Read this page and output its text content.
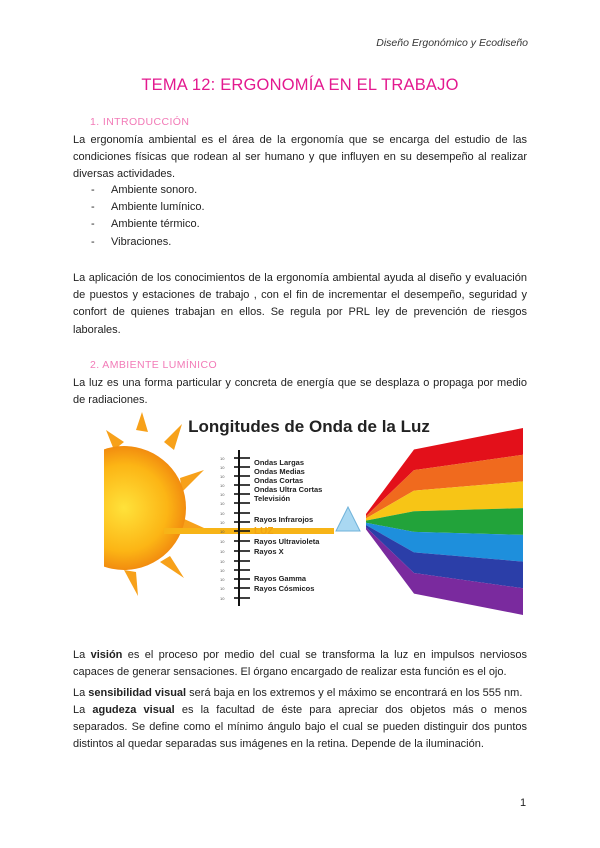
Diseño Ergonómico y Ecodiseño
TEMA 12: ERGONOMÍA EN EL TRABAJO
1. INTRODUCCIÓN
La ergonomía ambiental es el área de la ergonomía que se encarga del estudio de las condiciones físicas que rodean al ser humano y que influyen en su desempeño al realizar diversas actividades.
-	Ambiente sonoro.
-	Ambiente lumínico.
-	Ambiente térmico.
-	Vibraciones.
La aplicación de los conocimientos de la ergonomía ambiental ayuda al diseño y evaluación de puestos y estaciones de trabajo , con el fin de incrementar el desempeño, seguridad y confort de quienes trabajan en ellos. Se regula por PRL ley de prevención de riesgos laborales.
2. AMBIENTE LUMÍNICO
La luz es una forma particular y concreta de energía que se desplaza o propaga por medio de radiaciones.
Longitudes de Onda de la Luz
10
10
10
10
10
10
10
10
10
10
10
10
10
10
10
10
Ondas Largas
Ondas Medias
Ondas Cortas
Ondas Ultra Cortas
Televisión
Rayos Infrarojos
Rayos Ultravioleta
Rayos X
Rayos Gamma
Rayos Cósmicos
LUZ
La visión es el proceso por medio del cual se transforma la luz en impulsos nerviosos capaces de generar sensaciones. El órgano encargado de realizar esta función es el ojo.
La sensibilidad visual será baja en los extremos y el máximo se encontrará en los 555 nm.
La agudeza visual es la facultad de éste para apreciar dos objetos más o menos separados. Se define como el mínimo ángulo bajo el cual se pueden distinguir dos puntos distintos al quedar separadas sus imágenes en la retina. Depende de la iluminación.
1
